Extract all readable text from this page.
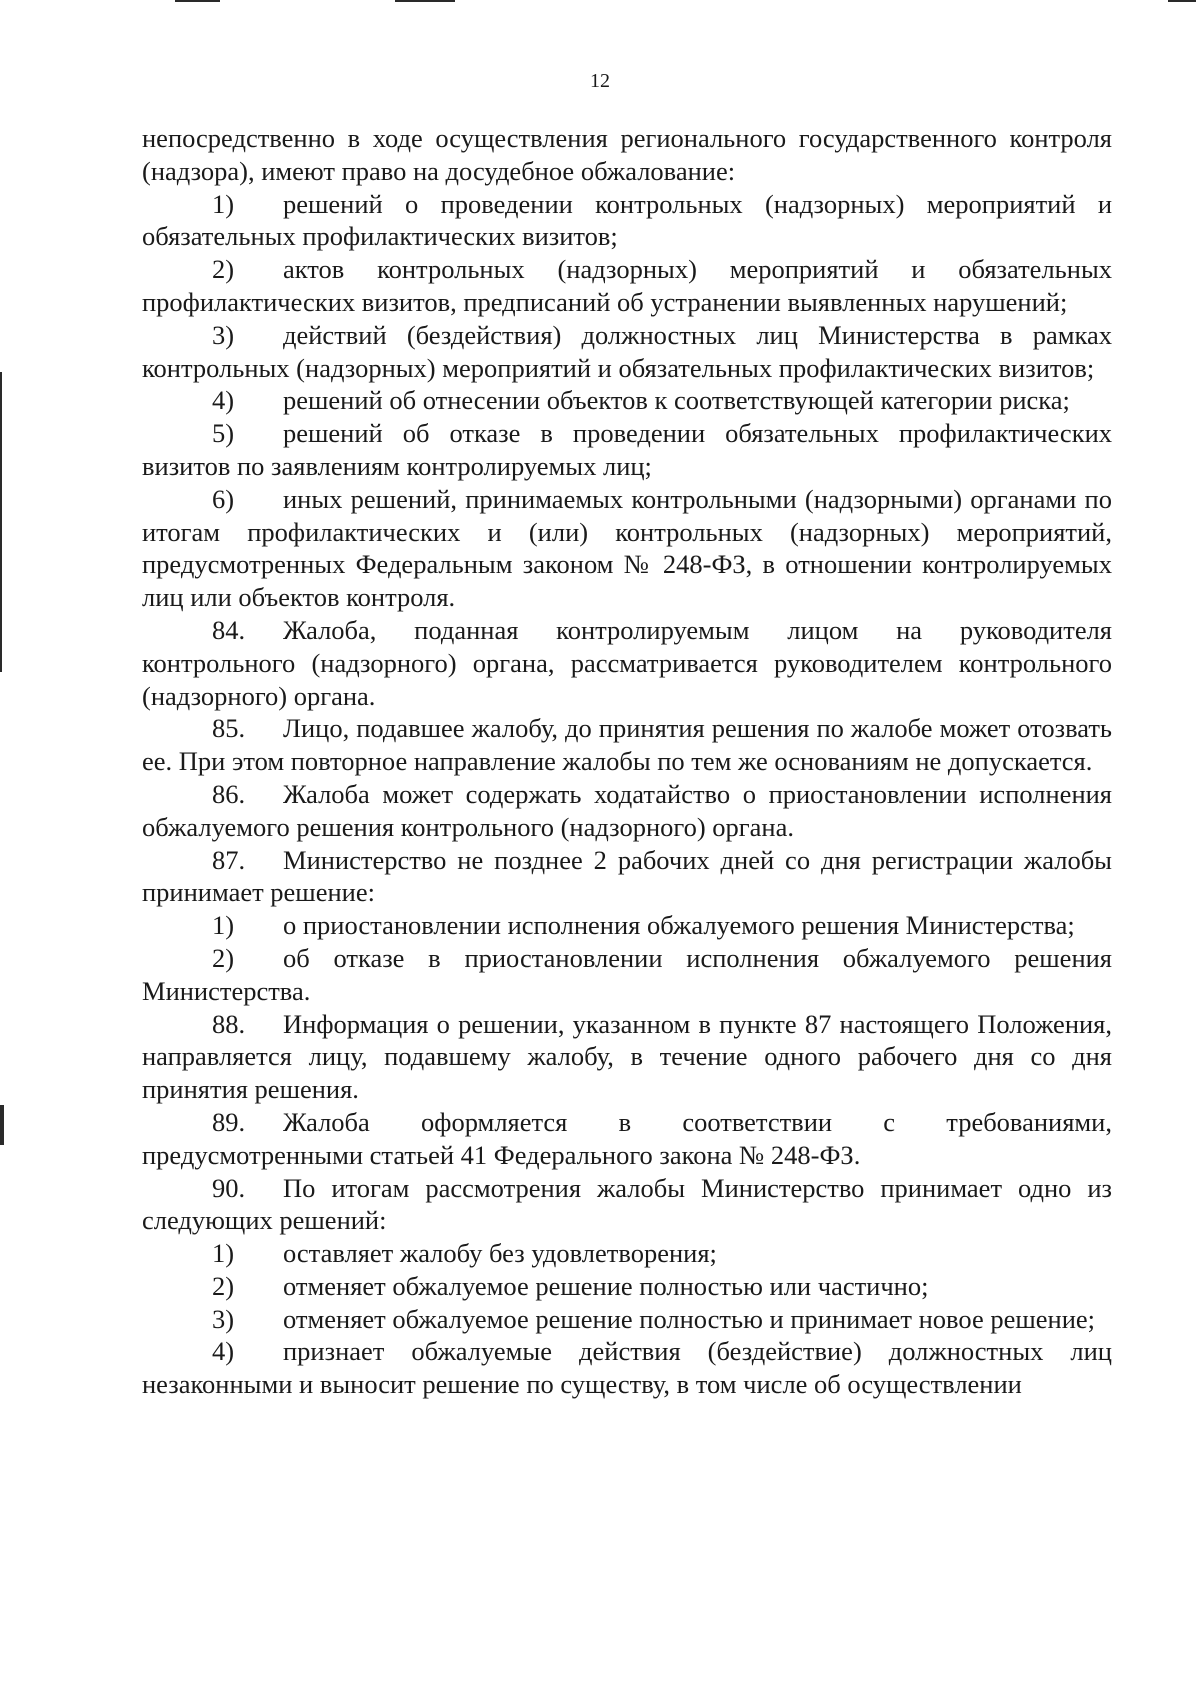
12

непосредственно в ходе осуществления регионального государственного контроля (надзора), имеют право на досудебное обжалование:

1) решений о проведении контрольных (надзорных) мероприятий и обязательных профилактических визитов;

2) актов контрольных (надзорных) мероприятий и обязательных профилактических визитов, предписаний об устранении выявленных нарушений;

3) действий (бездействия) должностных лиц Министерства в рамках контрольных (надзорных) мероприятий и обязательных профилактических визитов;

4) решений об отнесении объектов к соответствующей категории риска;

5) решений об отказе в проведении обязательных профилактических визитов по заявлениям контролируемых лиц;

6) иных решений, принимаемых контрольными (надзорными) органами по итогам профилактических и (или) контрольных (надзорных) мероприятий, предусмотренных Федеральным законом № 248-ФЗ, в отношении контролируемых лиц или объектов контроля.

84. Жалоба, поданная контролируемым лицом на руководителя контрольного (надзорного) органа, рассматривается руководителем контрольного (надзорного) органа.

85. Лицо, подавшее жалобу, до принятия решения по жалобе может отозвать ее. При этом повторное направление жалобы по тем же основаниям не допускается.

86. Жалоба может содержать ходатайство о приостановлении исполнения обжалуемого решения контрольного (надзорного) органа.

87. Министерство не позднее 2 рабочих дней со дня регистрации жалобы принимает решение:

1) о приостановлении исполнения обжалуемого решения Министерства;

2) об отказе в приостановлении исполнения обжалуемого решения Министерства.

88. Информация о решении, указанном в пункте 87 настоящего Положения, направляется лицу, подавшему жалобу, в течение одного рабочего дня со дня принятия решения.

89. Жалоба оформляется в соответствии с требованиями, предусмотренными статьей 41 Федерального закона № 248-ФЗ.

90. По итогам рассмотрения жалобы Министерство принимает одно из следующих решений:

1) оставляет жалобу без удовлетворения;

2) отменяет обжалуемое решение полностью или частично;

3) отменяет обжалуемое решение полностью и принимает новое решение;

4) признает обжалуемые действия (бездействие) должностных лиц незаконными и выносит решение по существу, в том числе об осуществлении
